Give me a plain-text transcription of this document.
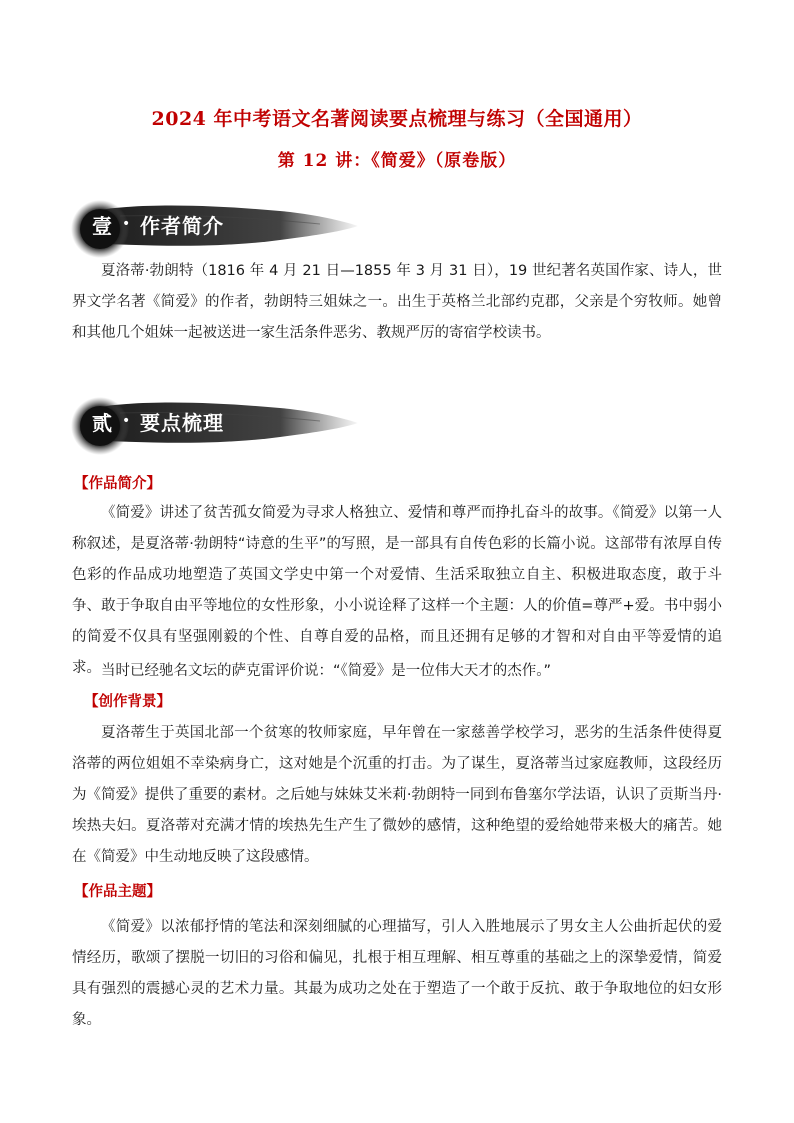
2024 年中考语文名著阅读要点梳理与练习（全国通用）
第 12 讲：《简爱》（原卷版）
壹 • 作者简介
夏洛蒂·勃朗特（1816 年 4 月 21 日—1855 年 3 月 31 日），19 世纪著名英国作家、诗人，世界文学名著《简爱》的作者，勃朗特三姐妹之一。出生于英格兰北部约克郡，父亲是个穷牧师。她曾和其他几个姐妹一起被送进一家生活条件恶劣、教规严厉的寄宿学校读书。
贰 • 要点梳理
【作品简介】
《简爱》讲述了贫苦孤女简爱为寻求人格独立、爱情和尊严而挣扎奋斗的故事。《简爱》以第一人称叙述，是夏洛蒂·勃朗特“诗意的生平”的写照，是一部具有自传色彩的长篇小说。这部带有浓厚自传色彩的作品成功地塑造了英国文学史中第一个对爱情、生活采取独立自主、积极进取态度，敢于斗争、敢于争取自由平等地位的女性形象，小小说诠释了这样一个主题：人的价值=尊严+爱。书中弱小的简爱不仅具有坚强刚毅的个性、自尊自爱的品格，而且还拥有足够的才智和对自由平等爱情的追求。 当时已经驰名文坛的萨克雷评价说：“《简爱》是一位伟大天才的杰作。”
【创作背景】
夏洛蒂生于英国北部一个贫寒的牧师家庭，早年曾在一家慈善学校学习，恶劣的生活条件使得夏洛蒂的两位姐姐不幸染病身亡，这对她是个沉重的打击。为了谋生，夏洛蒂当过家庭教师，这段经历为《简爱》提供了重要的素材。之后她与妹妹艾米莉·勃朗特一同到布鲁塞尔学法语，认识了贡斯当丹·埃热夫妇。夏洛蒂对充满才情的埃热先生产生了微妙的感情，这种绝望的爱给她带来极大的痛苦。她在《简爱》中生动地反映了这段感情。
【作品主题】
《简爱》以浓郁抒情的笔法和深刻细腻的心理描写，引人入胜地展示了男女主人公曲折起伏的爱情经历，歌颂了摆脱一切旧的习俗和偏见，扎根于相互理解、相互尊重的基础之上的深挚爱情，简爱具有强烈的震撼心灵的艺术力量。其最为成功之处在于塑造了一个敢于反抗、敢于争取地位的妇女形象。
